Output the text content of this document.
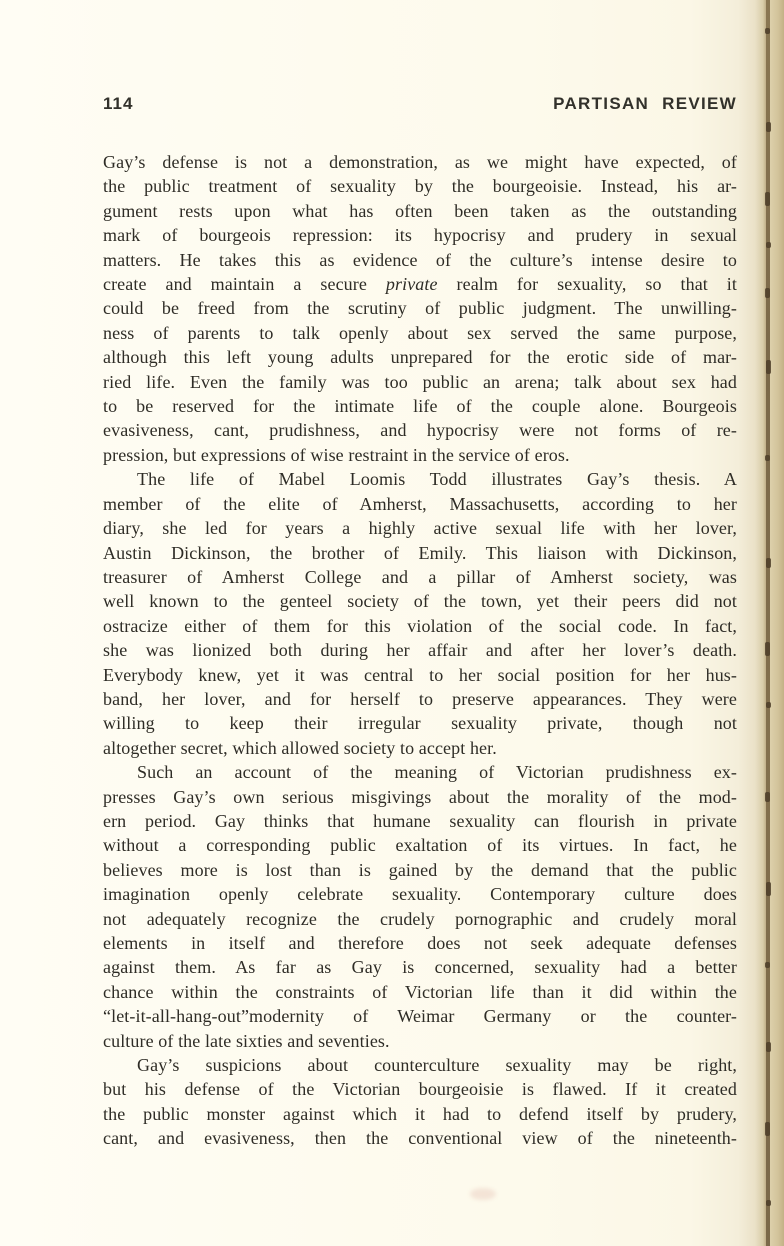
114	PARTISAN REVIEW
Gay’s defense is not a demonstration, as we might have expected, of
the public treatment of sexuality by the bourgeoisie. Instead, his ar-
gument rests upon what has often been taken as the outstanding
mark of bourgeois repression: its hypocrisy and prudery in sexual
matters. He takes this as evidence of the culture’s intense desire to
create and maintain a secure private realm for sexuality, so that it
could be freed from the scrutiny of public judgment. The unwilling-
ness of parents to talk openly about sex served the same purpose,
although this left young adults unprepared for the erotic side of mar-
ried life. Even the family was too public an arena; talk about sex had
to be reserved for the intimate life of the couple alone. Bourgeois
evasiveness, cant, prudishness, and hypocrisy were not forms of re-
pression, but expressions of wise restraint in the service of eros.
The life of Mabel Loomis Todd illustrates Gay’s thesis. A
member of the elite of Amherst, Massachusetts, according to her
diary, she led for years a highly active sexual life with her lover,
Austin Dickinson, the brother of Emily. This liaison with Dickinson,
treasurer of Amherst College and a pillar of Amherst society, was
well known to the genteel society of the town, yet their peers did not
ostracize either of them for this violation of the social code. In fact,
she was lionized both during her affair and after her lover’s death.
Everybody knew, yet it was central to her social position for her hus-
band, her lover, and for herself to preserve appearances. They were
willing to keep their irregular sexuality private, though not
altogether secret, which allowed society to accept her.
Such an account of the meaning of Victorian prudishness ex-
presses Gay’s own serious misgivings about the morality of the mod-
ern period. Gay thinks that humane sexuality can flourish in private
without a corresponding public exaltation of its virtues. In fact, he
believes more is lost than is gained by the demand that the public
imagination openly celebrate sexuality. Contemporary culture does
not adequately recognize the crudely pornographic and crudely moral
elements in itself and therefore does not seek adequate defenses
against them. As far as Gay is concerned, sexuality had a better
chance within the constraints of Victorian life than it did within the
“let-it-all-hang-out”modernity of Weimar Germany or the counter-
culture of the late sixties and seventies.
Gay’s suspicions about counterculture sexuality may be right,
but his defense of the Victorian bourgeoisie is flawed. If it created
the public monster against which it had to defend itself by prudery,
cant, and evasiveness, then the conventional view of the nineteenth-
